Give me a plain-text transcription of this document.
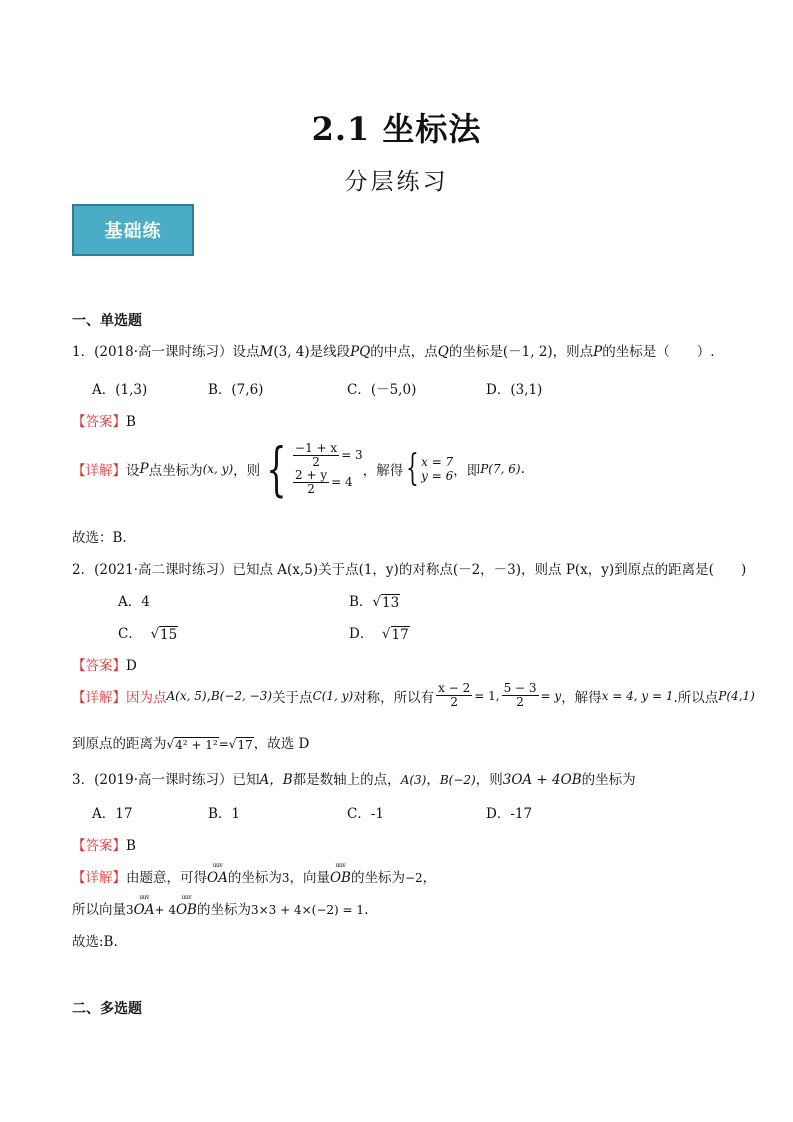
2.1 坐标法
分层练习
基础练
一、单选题
1．(2018·高一课时练习）设点M(3, 4)是线段PQ的中点，点Q的坐标是(－1, 2)，则点P的坐标是（　　）.
A．(1,3)	B．(7,6)	C．(－5,0)	D．(3,1)
【答案】B
【详解】 设 P 点坐标为 (x, y) ，则 { $\frac{-1 + x}{2} = 3$
$\frac{2 + y}{2} = 4$
，解得 { x = 7
y = 6 ，即 P(7, 6) .
故选：B.
2．(2021·高二课时练习）已知点 A(x,5)关于点(1，y)的对称点(－2，－3)，则点 P(x，y)到原点的距离是(　　)
A．4	B．√ 13
C． √ 15	D． √ 17
【答案】D
【详解】 因为点 A(x, 5) , B(−2, −3) 关于点 C(1, y) 对称，所以有 $\frac{x - 2}{2} = 1$, $\frac{5 - 3}{2} = y$ ，解得 x = 4, y = 1 .所以点 P(4,1)
到原点的距离为√ 4² + 1² =√ 17 ，故选 D
3．(2019·高一课时练习）已知A，B都是数轴上的点，A(3)，B(−2)，则3OA + 4OB的坐标为
A．17	B．1	C．-1	D．-17
【答案】B
【详解】由题意，可得uuv OA的坐标为3，向量uuv OB的坐标为−2，
所以向量3uuv OA+ 4uuv OB的坐标为3×3 + 4×(−2) = 1.
故选:B.
二、多选题
